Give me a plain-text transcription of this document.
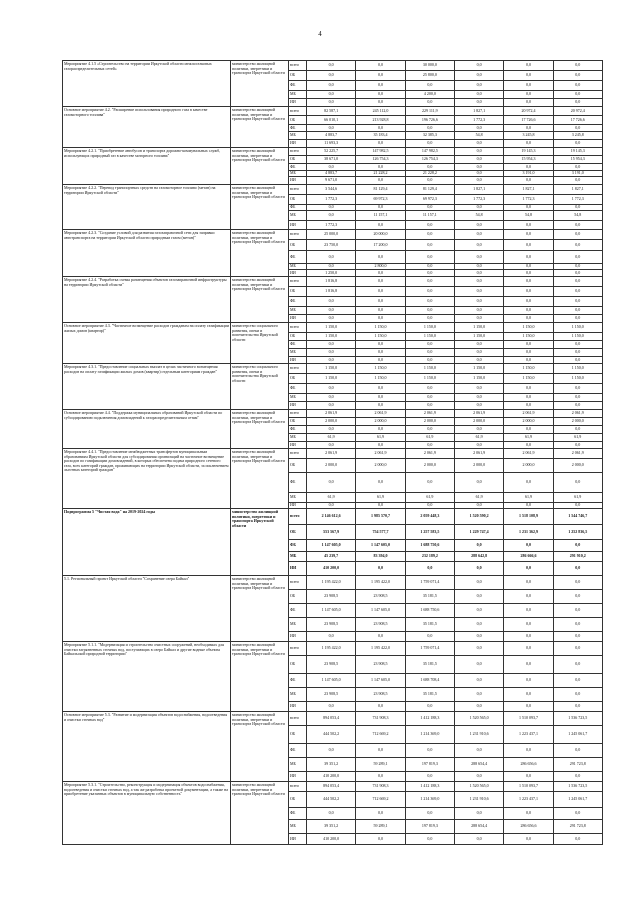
4
Мероприятие 4.1.5 «Строительство на территории Иркутской области межпоселковых газораспределительных сетей»	министерство жилищной политики, энергетики и транспорта Иркутской области	всего	0,0	0,0	30 000,0	0,0	0,0	0,0
		ОБ	0,0	0,0	25 800,0	0,0	0,0	0,0
		ФБ	0,0	0,0	0,0	0,0	0,0	0,0
		МБ	0,0	0,0	4 200,0	0,0	0,0	0,0
		ИИ	0,0	0,0	0,0	0,0	0,0	0,0
Основное мероприятие 4.2. "Расширение использования природного газа в качестве газомоторного топлива"	министерство жилищной политики, энергетики и транспорта Иркутской области	всего	82 587,1	245 112,0	229 111,9	1 827,1	20 972,4	20 972,4
		ОБ	66 010,1	213 928,8	196 726,6	1 772,3	17 726,6	17 726,6
		ФБ	0,0	0,0	0,0	0,0	0,0	0,0
		МБ	4 883,7	35 183,4	32 385,3	54,8	3 245,8	3 245,8
		ИИ	11 693,3	0,0	0,0	0,0	0,0	0,0
Мероприятие 4.2.1. "Приобретение автобусов и транспорта дорожно-коммунальных служб, использующих природный газ в качестве моторного топлива"	министерство жилищной политики, энергетики и транспорта Иркутской области	всего	52 225,7	147 982,5	147 982,5	0,0	19 145,3	19 145,3
		ОБ	38 671,0	126 754,3	126 754,3	0,0	15 954,3	15 954,3
		ФБ	0,0	0,0	0,0	0,0	0,0	0,0
		МБ	4 883,7	21 228,2	21 228,2	0,0	3 191,0	3 191,0
		ИИ	9 671,0	0,0	0,0	0,0	0,0	0,0
Мероприятие 4.2.2. "Перевод транспортных средств на газомоторное топливо (метан) на территории Иркутской области"	министерство жилищной политики, энергетики и транспорта Иркутской области	всего	3 544,6	81 129,4	81 129,4	1 827,1	1 827,1	1 827,1
		ОБ	1 772,3	69 972,3	69 972,3	1 772,3	1 772,3	1 772,3
		ФБ	0,0	0,0	0,0	0,0	0,0	0,0
		МБ	0,0	11 157,1	11 157,1	54,8	54,8	54,8
		ИИ	1 772,3	0,0	0,0	0,0	0,0	0,0
Мероприятие 4.2.3. "Создание условий для развития газозаправочной сети для заправки автотранспорта на территории Иркутской области природным газом (метан)"	министерство жилищной политики, энергетики и транспорта Иркутской области	всего	25 000,0	20 000,0	0,0	0,0	0,0	0,0
		ОБ	23 750,0	17 200,0	0,0	0,0	0,0	0,0
		ФБ	0,0	0,0	0,0	0,0	0,0	0,0
		МБ	0,0	2 800,0	0,0	0,0	0,0	0,0
		ИИ	1 250,0	0,0	0,0	0,0	0,0	0,0
Мероприятие 4.2.4. "Разработка схемы размещения объектов газозаправочной инфраструктуры на территории Иркутской области"	министерство жилищной политики, энергетики и транспорта Иркутской области	всего	1 816,8	0,0	0,0	0,0	0,0	0,0
		ОБ	1 816,8	0,0	0,0	0,0	0,0	0,0
		ФБ	0,0	0,0	0,0	0,0	0,0	0,0
		МБ	0,0	0,0	0,0	0,0	0,0	0,0
		ИИ	0,0	0,0	0,0	0,0	0,0	0,0
Основное мероприятие 4.3. "Частичное возмещение расходов гражданам на оплату газификации жилых домов (квартир)"	министерство социального развития, опеки и попечительства Иркутской области	всего	1 150,0	1 150,0	1 150,0	1 150,0	1 150,0	1 150,0
		ОБ	1 150,0	1 150,0	1 150,0	1 150,0	1 150,0	1 150,0
		ФБ	0,0	0,0	0,0	0,0	0,0	0,0
		МБ	0,0	0,0	0,0	0,0	0,0	0,0
		ИИ	0,0	0,0	0,0	0,0	0,0	0,0
Мероприятие 4.3.1. "Предоставление социальных выплат в целях частичного возмещения расходов на оплату газификации жилых домов (квартир) отдельным категориям граждан"	министерство социального развития, опеки и попечительства Иркутской области	всего	1 150,0	1 150,0	1 150,0	1 150,0	1 150,0	1 150,0
		ОБ	1 150,0	1 150,0	1 150,0	1 150,0	1 150,0	1 150,0
		ФБ	0,0	0,0	0,0	0,0	0,0	0,0
		МБ	0,0	0,0	0,0	0,0	0,0	0,0
		ИИ	0,0	0,0	0,0	0,0	0,0	0,0
Основное мероприятие 4.4. "Поддержка муниципальных образований Иркутской области по субсидированию подключения домовладений к газораспределительным сетям"	министерство жилищной политики, энергетики и транспорта Иркутской области	всего	2 061,9	2 061,9	2 061,9	2 061,9	2 061,9	2 061,9
		ОБ	2 000,0	2 000,0	2 000,0	2 000,0	2 000,0	2 000,0
		ФБ	0,0	0,0	0,0	0,0	0,0	0,0
		МБ	61,9	61,9	61,9	61,9	61,9	61,9
		ИИ	0,0	0,0	0,0	0,0	0,0	0,0
Мероприятие 4.4.1. "Предоставление межбюджетных трансфертов муниципальным образованиям Иркутской области для субсидирования организаций на частичное возмещение расходов по газификации домовладений, в которых обеспечена подача природного сетевого газа, всех категорий граждан, проживающих на территории Иркутской области, за исключением льготных категорий граждан"	министерство жилищной политики, энергетики и транспорта Иркутской области	всего	2 061,9	2 061,9	2 061,9	2 061,9	2 061,9	2 061,9
		ОБ	2 000,0	2 000,0	2 000,0	2 000,0	2 000,0	2 000,0
		ФБ	0,0	0,0	0,0	0,0	0,0	0,0
		МБ	61,9	61,9	61,9	61,9	61,9	61,9
		ИИ	0,0	0,0	0,0	0,0	0,0	0,0
Подпрограмма 5 "Чистая вода" на 2019-2024 годы	министерство жилищной политики, энергетики и транспорта Иркутской области	всего	2 146 612,6	1 985 570,7	2 059 448,3	1 520 590,2	1 518 108,9	1 544 746,7
		ОБ	553 567,9	754 577,7	1 257 583,5	1 229 747,4	1 231 362,9	1 252 836,5
		ФБ	1 147 605,0	1 147 605,0	1 688 750,6	0,0	0,0	0,0
		МБ	45 239,7	83 394,0	232 189,2	288 642,8	286 666,6	291 910,2
		ИИ	410 200,0	0,0	0,0	0,0	0,0	0,0
5.1. Региональный проект Иркутской области "Сохранение озера Байкал"	министерство жилищной политики, энергетики и транспорта Иркутской области	всего	1 195 422,0	1 195 422,0	1 759 071,4	0,0	0,0	0,0
		ОБ	23 908,5	23 908,5	35 181,5	0,0	0,0	0,0
		ФБ	1 147 605,0	1 147 605,0	1 688 750,6	0,0	0,0	0,0
		МБ	23 908,5	23 908,5	35 181,5	0,0	0,0	0,0
		ИИ	0,0	0,0	0,0	0,0	0,0	0,0
Мероприятие 5.1.1. "Модернизация и строительство очистных сооружений, необходимых для очистки загрязненных сточных вод, поступающих в озеро Байкал и другие водные объекты Байкальской природной территории"	министерство жилищной политики, энергетики и транспорта Иркутской области	всего	1 195 422,0	1 195 422,0	1 759 071,4	0,0	0,0	0,0
		ОБ	23 908,5	23 908,5	35 181,5	0,0	0,0	0,0
		ФБ	1 147 605,0	1 147 605,0	1 688 708,4	0,0	0,0	0,0
		МБ	23 908,5	23 908,5	35 181,5	0,0	0,0	0,0
		ИИ	0,0	0,0	0,0	0,0	0,0	0,0
Основное мероприятие 5.3. "Развитие и модернизация объектов водоснабжения, водоотведения и очистки сточных вод"	министерство жилищной политики, энергетики и транспорта Иркутской области	всего	894 053,4	731 908,3	1 412 188,3	1 520 565,0	1 510 093,7	1 536 723,5
		ОБ	444 502,2	712 669,2	1 214 369,0	1 231 910,6	1 223 437,1	1 245 061,7
		ФБ	0,0	0,0	0,0	0,0	0,0	0,0
		МБ	39 351,2	59 289,1	197 819,3	288 654,4	286 656,6	291 723,8
		ИИ	410 200,0	0,0	0,0	0,0	0,0	0,0
Мероприятие 5.3.1. "Строительство, реконструкция и модернизация объектов водоснабжения, водоотведения и очистки сточных вод, а так же разработка проектной документации, а также на приобретение указанных объектов в муниципальную собственность"	министерство жилищной политики, энергетики и транспорта Иркутской области	всего	894 053,4	731 908,3	1 412 188,3	1 520 565,0	1 510 093,7	1 536 723,5
		ОБ	444 502,2	712 669,2	1 214 369,0	1 231 910,6	1 223 437,1	1 245 061,7
		ФБ	0,0	0,0	0,0	0,0	0,0	0,0
		МБ	39 351,2	59 289,1	197 819,3	288 654,4	286 656,6	291 723,8
		ИИ	410 200,0	0,0	0,0	0,0	0,0	0,0
